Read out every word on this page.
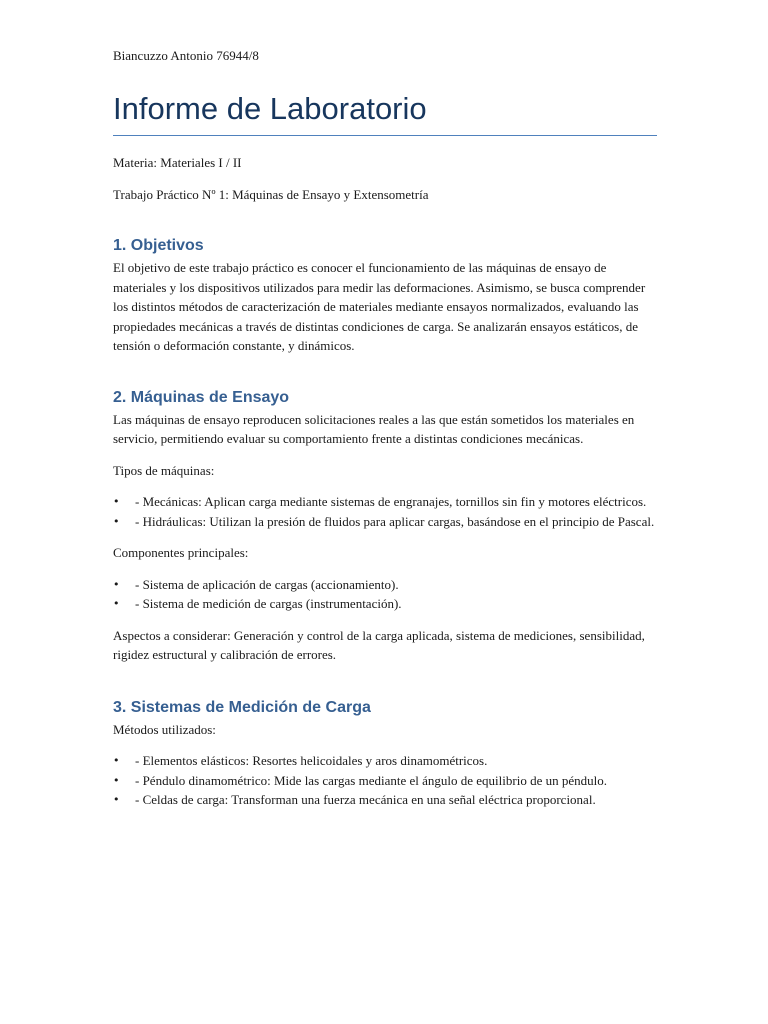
Biancuzzo Antonio 76944/8

Informe de Laboratorio

Materia: Materiales I / II

Trabajo Práctico Nº 1: Máquinas de Ensayo y Extensometría

1. Objetivos

El objetivo de este trabajo práctico es conocer el funcionamiento de las máquinas de ensayo de materiales y los dispositivos utilizados para medir las deformaciones. Asimismo, se busca comprender los distintos métodos de caracterización de materiales mediante ensayos normalizados, evaluando las propiedades mecánicas a través de distintas condiciones de carga. Se analizarán ensayos estáticos, de tensión o deformación constante, y dinámicos.

2. Máquinas de Ensayo

Las máquinas de ensayo reproducen solicitaciones reales a las que están sometidos los materiales en servicio, permitiendo evaluar su comportamiento frente a distintas condiciones mecánicas.

Tipos de máquinas:

• - Mecánicas: Aplican carga mediante sistemas de engranajes, tornillos sin fin y motores eléctricos.
• - Hidráulicas: Utilizan la presión de fluidos para aplicar cargas, basándose en el principio de Pascal.

Componentes principales:

• - Sistema de aplicación de cargas (accionamiento).
• - Sistema de medición de cargas (instrumentación).

Aspectos a considerar: Generación y control de la carga aplicada, sistema de mediciones, sensibilidad, rigidez estructural y calibración de errores.

3. Sistemas de Medición de Carga

Métodos utilizados:

• - Elementos elásticos: Resortes helicoidales y aros dinamométricos.
• - Péndulo dinamométrico: Mide las cargas mediante el ángulo de equilibrio de un péndulo.
• - Celdas de carga: Transforman una fuerza mecánica en una señal eléctrica proporcional.
